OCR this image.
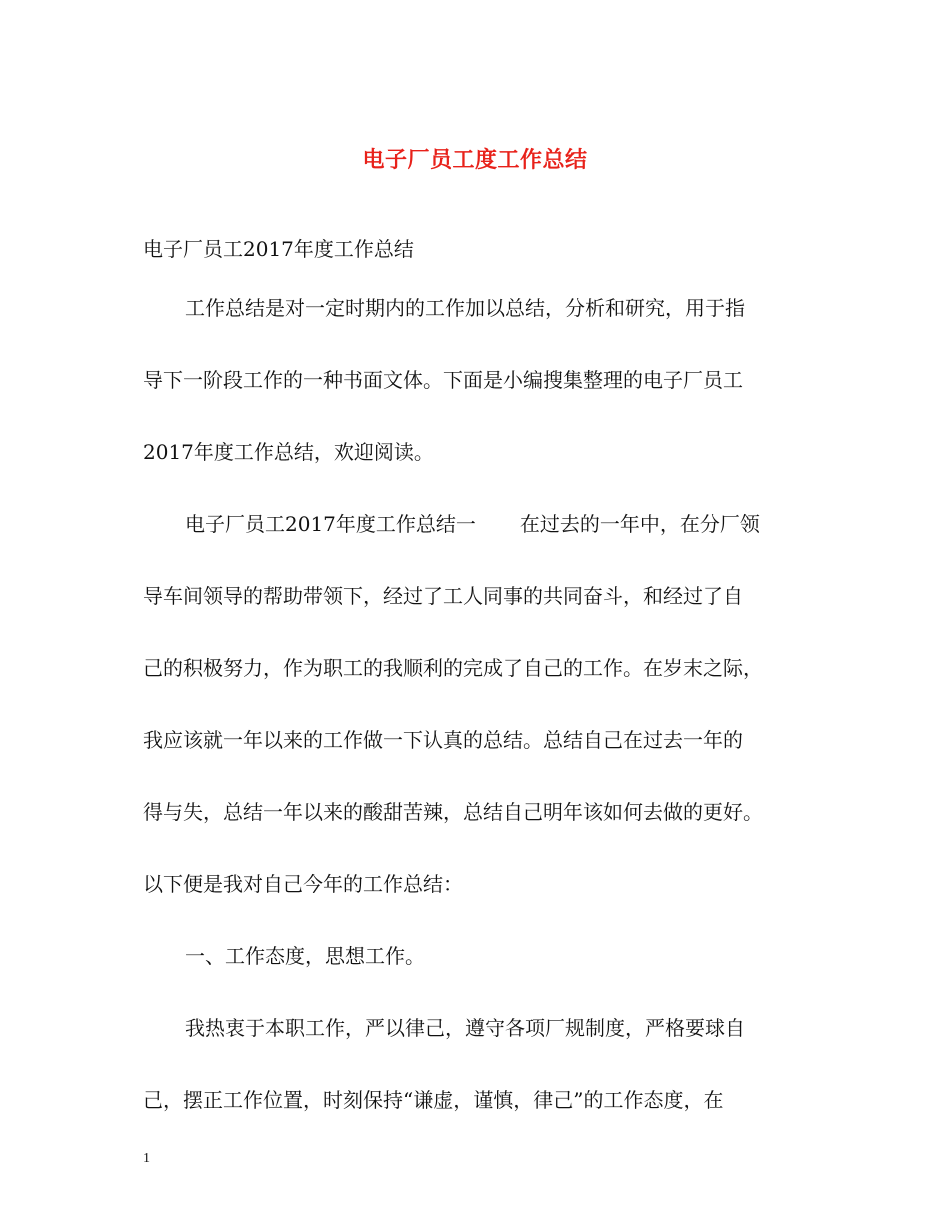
电子厂员工度工作总结
电子厂员工2017年度工作总结
工作总结是对一定时期内的工作加以总结，分析和研究，用于指
导下一阶段工作的一种书面文体。下面是小编搜集整理的电子厂员工
2017年度工作总结，欢迎阅读。
电子厂员工2017年度工作总结一 在过去的一年中，在分厂领
导车间领导的帮助带领下，经过了工人同事的共同奋斗，和经过了自
己的积极努力，作为职工的我顺利的完成了自己的工作。在岁末之际，
我应该就一年以来的工作做一下认真的总结。总结自己在过去一年的
得与失，总结一年以来的酸甜苦辣，总结自己明年该如何去做的更好。
以下便是我对自己今年的工作总结：
一、工作态度，思想工作。
我热衷于本职工作，严以律己，遵守各项厂规制度，严格要球自
己，摆正工作位置，时刻保持“谦虚，谨慎，律己”的工作态度，在
1
